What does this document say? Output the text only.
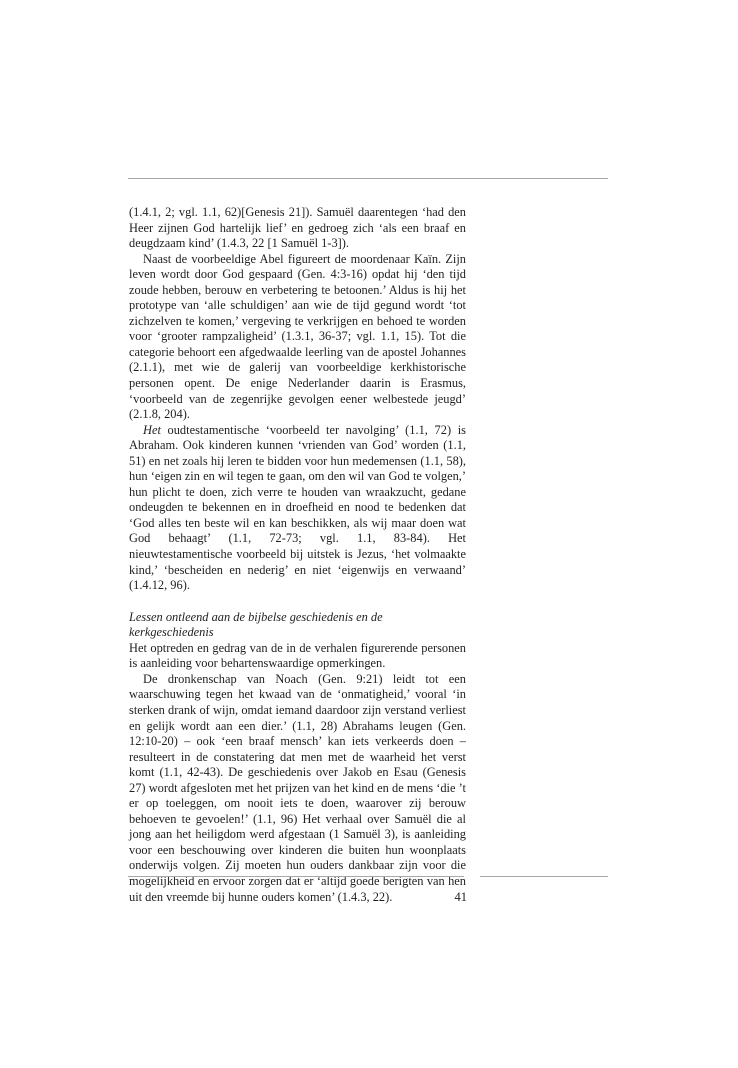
(1.4.1, 2; vgl. 1.1, 62)[Genesis 21]). Samuël daarentegen ‘had den Heer zijnen God hartelijk lief’ en gedroeg zich ‘als een braaf en deugdzaam kind’ (1.4.3, 22 [1 Samuël 1-3]).

Naast de voorbeeldige Abel figureert de moordenaar Kaïn. Zijn leven wordt door God gespaard (Gen. 4:3-16) opdat hij ‘den tijd zoude hebben, berouw en verbetering te betoonen.’ Aldus is hij het prototype van ‘alle schuldigen’ aan wie de tijd gegund wordt ‘tot zichzelven te komen,’ vergeving te verkrijgen en behoed te worden voor ‘grooter rampzaligheid’ (1.3.1, 36-37; vgl. 1.1, 15). Tot die categorie behoort een afgedwaalde leerling van de apostel Johannes (2.1.1), met wie de galerij van voorbeeldige kerkhistorische personen opent. De enige Nederlander daarin is Erasmus, ‘voorbeeld van de zegenrijke gevolgen eener welbestede jeugd’ (2.1.8, 204).

Het oudtestamentische ‘voorbeeld ter navolging’ (1.1, 72) is Abraham. Ook kinderen kunnen ‘vrienden van God’ worden (1.1, 51) en net zoals hij leren te bidden voor hun medemensen (1.1, 58), hun ‘eigen zin en wil tegen te gaan, om den wil van God te volgen,’ hun plicht te doen, zich verre te houden van wraakzucht, gedane ondeugden te bekennen en in droefheid en nood te bedenken dat ‘God alles ten beste wil en kan beschikken, als wij maar doen wat God behaagt’ (1.1, 72-73; vgl. 1.1, 83-84). Het nieuwtestamentische voorbeeld bij uitstek is Jezus, ‘het volmaakte kind,’ ‘bescheiden en nederig’ en niet ‘eigenwijs en verwaand’ (1.4.12, 96).

Lessen ontleend aan de bijbelse geschiedenis en de kerkgeschiedenis

Het optreden en gedrag van de in de verhalen figurerende personen is aanleiding voor behartenswaardige opmerkingen.

De dronkenschap van Noach (Gen. 9:21) leidt tot een waarschuwing tegen het kwaad van de ‘onmatigheid,’ vooral ‘in sterken drank of wijn, omdat iemand daardoor zijn verstand verliest en gelijk wordt aan een dier.’ (1.1, 28) Abrahams leugen (Gen. 12:10-20) – ook ‘een braaf mensch’ kan iets verkeerds doen – resulteert in de constatering dat men met de waarheid het verst komt (1.1, 42-43). De geschiedenis over Jakob en Esau (Genesis 27) wordt afgesloten met het prijzen van het kind en de mens ‘die ’t er op toeleggen, om nooit iets te doen, waarover zij berouw behoeven te gevoelen!’ (1.1, 96) Het verhaal over Samuël die al jong aan het heiligdom werd afgestaan (1 Samuël 3), is aanleiding voor een beschouwing over kinderen die buiten hun woonplaats onderwijs volgen. Zij moeten hun ouders dankbaar zijn voor die mogelijkheid en ervoor zorgen dat er ‘altijd goede berigten van hen uit den vreemde bij hunne ouders komen’ (1.4.3, 22).	41
